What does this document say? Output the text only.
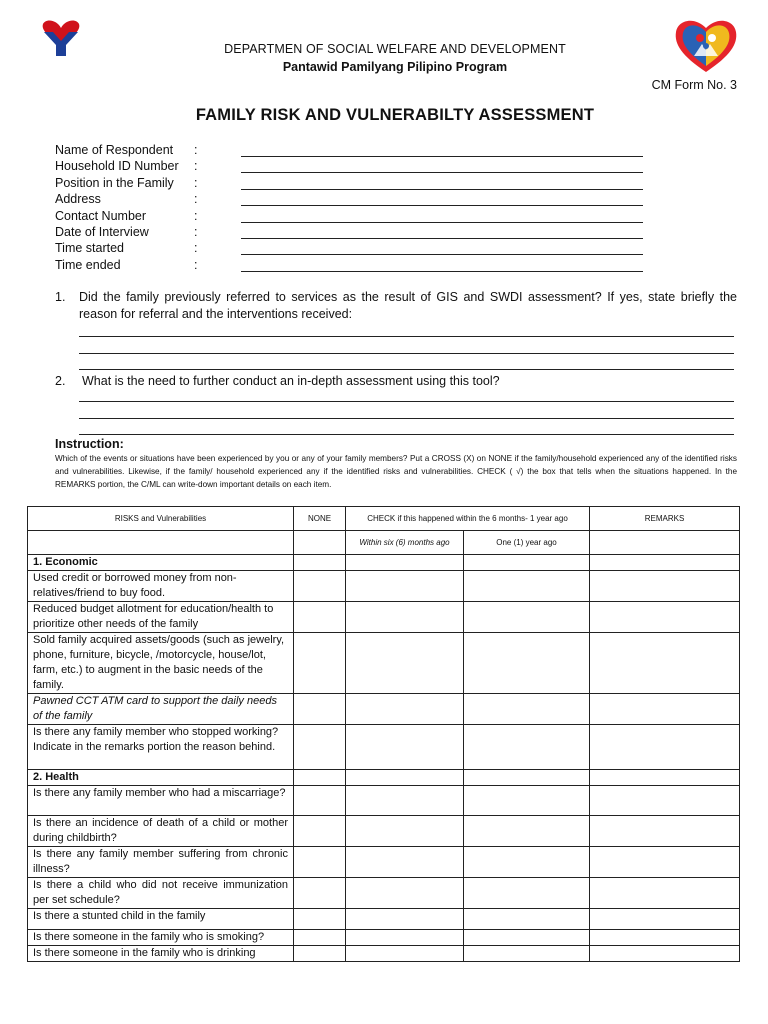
DEPARTMEN OF SOCIAL WELFARE AND DEVELOPMENT
Pantawid Pamilyang Pilipino Program
CM Form No. 3
FAMILY RISK AND VULNERABILTY ASSESSMENT
Name of Respondent :
Household ID Number :
Position in the Family :
Address	:
Contact Number	:
Date of Interview	:
Time started	:
Time ended	:
1. Did the family previously referred to services as the result of GIS and SWDI assessment? If yes, state briefly the reason for referral and the interventions received:
2. What is the need to further conduct an in-depth assessment using this tool?
Instruction:
Which of the events or situations have been experienced by you or any of your family members? Put a CROSS (X) on NONE if the family/household experienced any of the identified risks and vulnerabilities. Likewise, if the family/ household experienced any if the identified risks and vulnerabilities. CHECK ( √) the box that tells when the situations happened. In the REMARKS portion, the C/ML can write-down important details on each item.
RISKS and Vulnerabilities	NONE	CHECK if this happened within the 6 months- 1 year ago		REMARKS
		Within six (6) months ago	One (1) year ago	
1. Economic				
Used credit or borrowed money from non-relatives/friend to buy food.				
Reduced budget allotment for education/health to prioritize other needs of the family				
Sold family acquired assets/goods (such as jewelry, phone, furniture, bicycle, /motorcycle, house/lot, farm, etc.) to augment in the basic needs of the family.				
Pawned CCT ATM card to support the daily needs of the family				
Is there any family member who stopped working? Indicate in the remarks portion the reason behind.				
2. Health				
Is there any family member who had a miscarriage?				
Is there an incidence of death of a child or mother during childbirth?				
Is there any family member suffering from chronic illness?				
Is there a child who did not receive immunization per set schedule?				
Is there a stunted child in the family				
Is there someone in the family who is smoking?				
Is there someone in the family who is drinking				
